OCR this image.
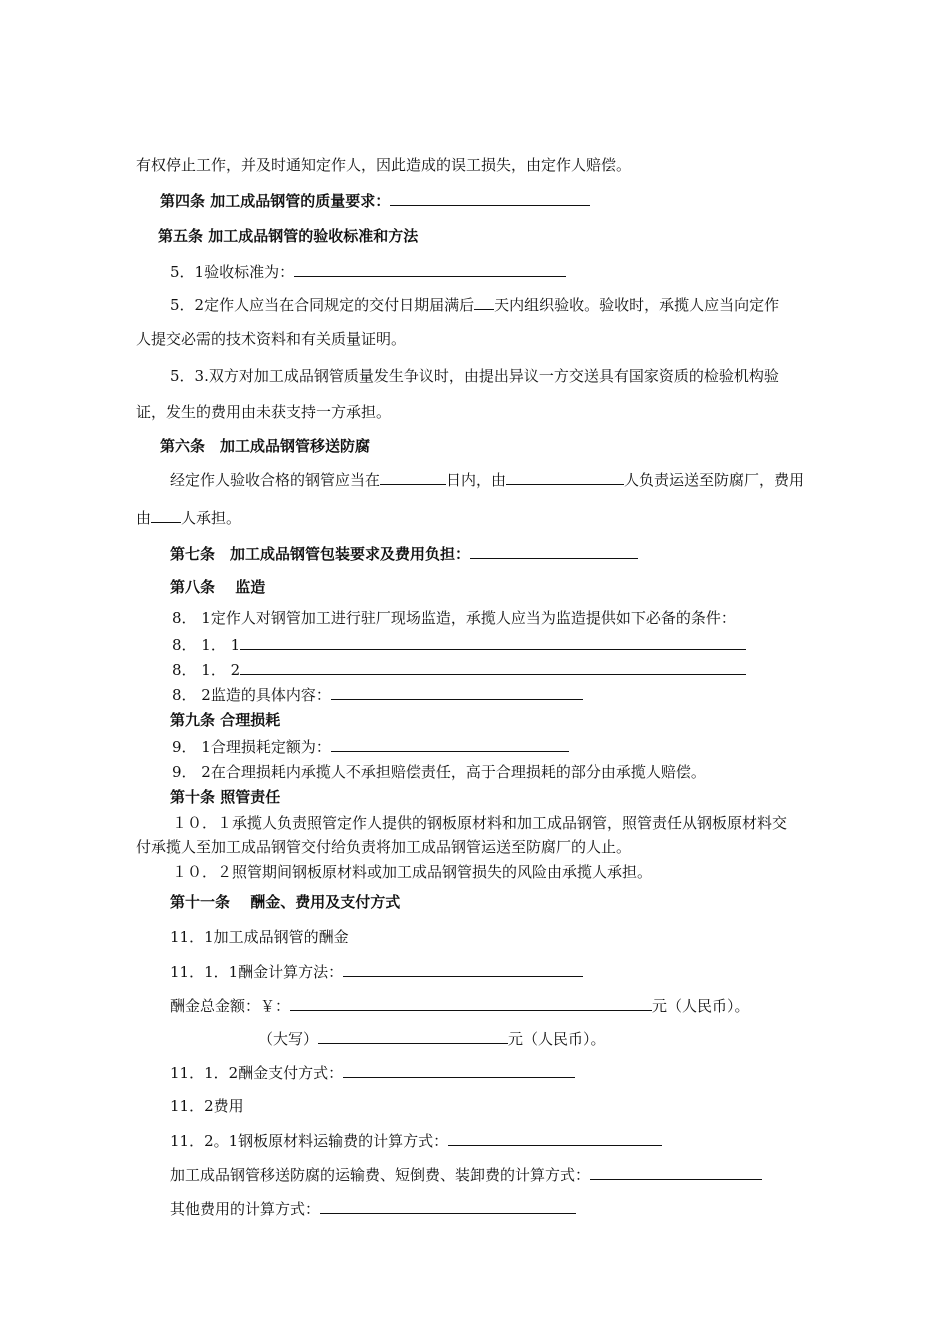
有权停止工作，并及时通知定作人，因此造成的误工损失，由定作人赔偿。
第四条 加工成品钢管的质量要求：
第五条 加工成品钢管的验收标准和方法
5．1验收标准为：
5．2定作人应当在合同规定的交付日期届满后 天内组织验收。验收时，承揽人应当向定作
人提交必需的技术资料和有关质量证明。
5．3.双方对加工成品钢管质量发生争议时，由提出异议一方交送具有国家资质的检验机构验
证，发生的费用由未获支持一方承担。
第六条　加工成品钢管移送防腐
经定作人验收合格的钢管应当在	日内，由	人负责运送至防腐厂，费用
由 人承担。
第七条　加工成品钢管包装要求及费用负担：
第八条　 监造
8． 1定作人对钢管加工进行驻厂现场监造，承揽人应当为监造提供如下必备的条件：
8． 1． 1
8． 1． 2
8． 2监造的具体内容：
第九条 合理损耗
9． 1合理损耗定额为：
9． 2在合理损耗内承揽人不承担赔偿责任，高于合理损耗的部分由承揽人赔偿。
第十条 照管责任
１０．１承揽人负责照管定作人提供的钢板原材料和加工成品钢管，照管责任从钢板原材料交
付承揽人至加工成品钢管交付给负责将加工成品钢管运送至防腐厂的人止。
１０．２照管期间钢板原材料或加工成品钢管损失的风险由承揽人承担。
第十一条　 酬金、费用及支付方式
11．1加工成品钢管的酬金
11．1．1酬金计算方法：
酬金总金额：￥：	元（人民币）。
（大写）	元（人民币）。
11．1．2酬金支付方式：
11．2费用
11．2。1钢板原材料运输费的计算方式：
加工成品钢管移送防腐的运输费、短倒费、装卸费的计算方式：
其他费用的计算方式：
